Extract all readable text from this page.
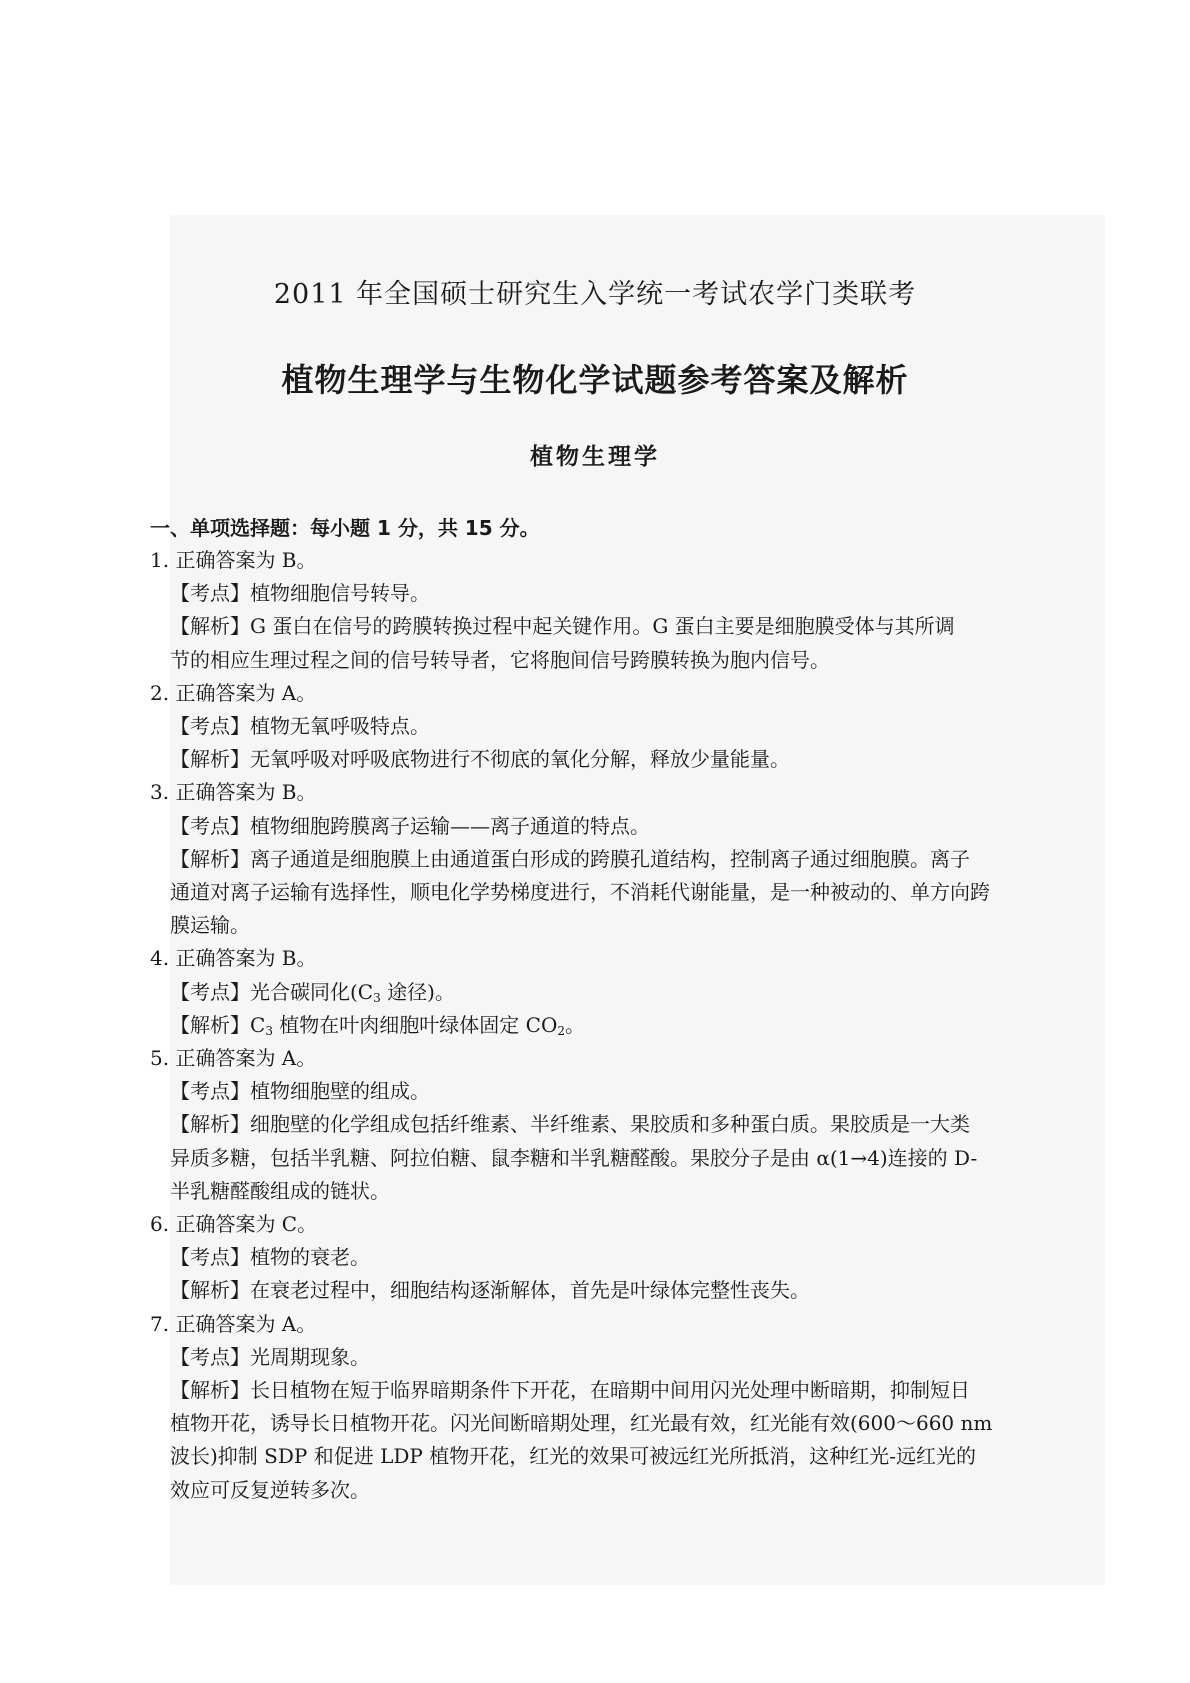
2011 年全国硕士研究生入学统一考试农学门类联考
植物生理学与生物化学试题参考答案及解析
植物生理学
一、单项选择题：每小题 1 分，共 15 分。
1. 正确答案为 B。
【考点】植物细胞信号转导。
【解析】G 蛋白在信号的跨膜转换过程中起关键作用。G 蛋白主要是细胞膜受体与其所调
节的相应生理过程之间的信号转导者，它将胞间信号跨膜转换为胞内信号。
2. 正确答案为 A。
【考点】植物无氧呼吸特点。
【解析】无氧呼吸对呼吸底物进行不彻底的氧化分解，释放少量能量。
3. 正确答案为 B。
【考点】植物细胞跨膜离子运输——离子通道的特点。
【解析】离子通道是细胞膜上由通道蛋白形成的跨膜孔道结构，控制离子通过细胞膜。离子
通道对离子运输有选择性，顺电化学势梯度进行，不消耗代谢能量，是一种被动的、单方向跨
膜运输。
4. 正确答案为 B。
【考点】光合碳同化($C_3$ 途径)。
【解析】$C_3$ 植物在叶肉细胞叶绿体固定 $CO_2$。
5. 正确答案为 A。
【考点】植物细胞壁的组成。
【解析】细胞壁的化学组成包括纤维素、半纤维素、果胶质和多种蛋白质。果胶质是一大类
异质多糖，包括半乳糖、阿拉伯糖、鼠李糖和半乳糖醛酸。果胶分子是由 α(1→4)连接的 D-
半乳糖醛酸组成的链状。
6. 正确答案为 C。
【考点】植物的衰老。
【解析】在衰老过程中，细胞结构逐渐解体，首先是叶绿体完整性丧失。
7. 正确答案为 A。
【考点】光周期现象。
【解析】长日植物在短于临界暗期条件下开花，在暗期中间用闪光处理中断暗期，抑制短日
植物开花，诱导长日植物开花。闪光间断暗期处理，红光最有效，红光能有效(600～660 nm
波长)抑制 SDP 和促进 LDP 植物开花，红光的效果可被远红光所抵消，这种红光-远红光的
效应可反复逆转多次。
